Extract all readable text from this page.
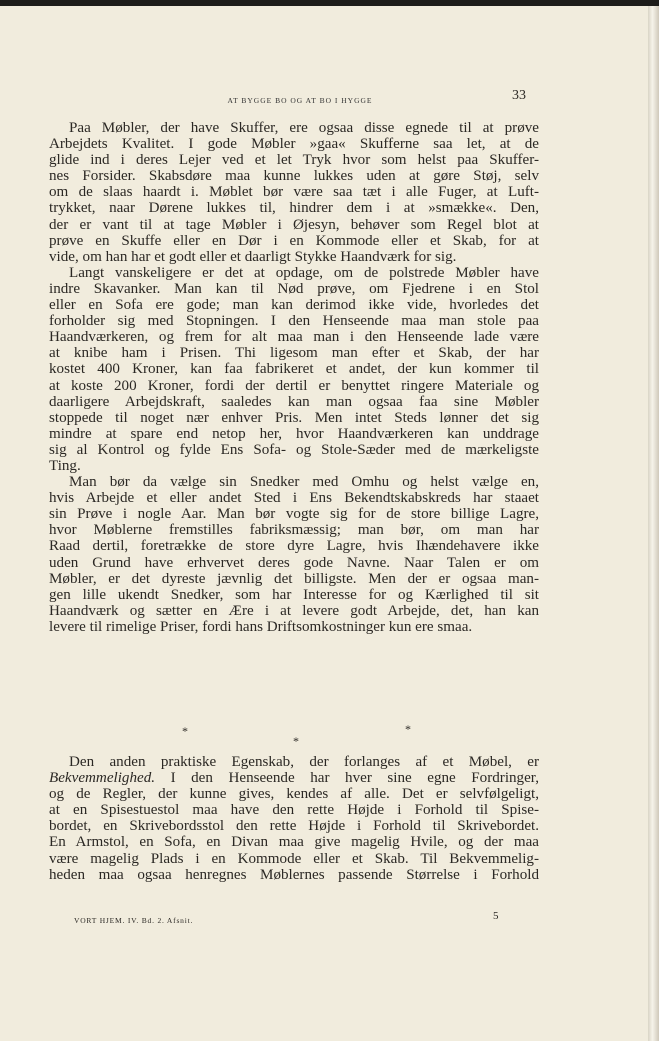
AT BYGGE BO OG AT BO I HYGGE	33
Paa Møbler, der have Skuffer, ere ogsaa disse egnede til at prøve
Arbejdets Kvalitet. I gode Møbler »gaa« Skufferne saa let, at de
glide ind i deres Lejer ved et let Tryk hvor som helst paa Skuffer-
nes Forsider. Skabsdøre maa kunne lukkes uden at gøre Støj, selv
om de slaas haardt i. Møblet bør være saa tæt i alle Fuger, at Luft-
trykket, naar Dørene lukkes til, hindrer dem i at »smække«. Den,
der er vant til at tage Møbler i Øjesyn, behøver som Regel blot at
prøve en Skuffe eller en Dør i en Kommode eller et Skab, for at
vide, om han har et godt eller et daarligt Stykke Haandværk for sig.
Langt vanskeligere er det at opdage, om de polstrede Møbler have
indre Skavanker. Man kan til Nød prøve, om Fjedrene i en Stol
eller en Sofa ere gode; man kan derimod ikke vide, hvorledes det
forholder sig med Stopningen. I den Henseende maa man stole paa
Haandværkeren, og frem for alt maa man i den Henseende lade være
at knibe ham i Prisen. Thi ligesom man efter et Skab, der har
kostet 400 Kroner, kan faa fabrikeret et andet, der kun kommer til
at koste 200 Kroner, fordi der dertil er benyttet ringere Materiale og
daarligere Arbejdskraft, saaledes kan man ogsaa faa sine Møbler
stoppede til noget nær enhver Pris. Men intet Steds lønner det sig
mindre at spare end netop her, hvor Haandværkeren kan unddrage
sig al Kontrol og fylde Ens Sofa- og Stole-Sæder med de mærkeligste
Ting.
Man bør da vælge sin Snedker med Omhu og helst vælge en,
hvis Arbejde et eller andet Sted i Ens Bekendtskabskreds har staaet
sin Prøve i nogle Aar. Man bør vogte sig for de store billige Lagre,
hvor Møblerne fremstilles fabriksmæssig; man bør, om man har
Raad dertil, foretrække de store dyre Lagre, hvis Ihændehavere ikke
uden Grund have erhvervet deres gode Navne. Naar Talen er om
Møbler, er det dyreste jævnlig det billigste. Men der er ogsaa man-
gen lille ukendt Snedker, som har Interesse for og Kærlighed til sit
Haandværk og sætter en Ære i at levere godt Arbejde, det, han kan
levere til rimelige Priser, fordi hans Driftsomkostninger kun ere smaa.
*
*
*
Den anden praktiske Egenskab, der forlanges af et Møbel, er
Bekvemmelighed. I den Henseende har hver sine egne Fordringer,
og de Regler, der kunne gives, kendes af alle. Det er selvfølgeligt,
at en Spisestuestol maa have den rette Højde i Forhold til Spise-
bordet, en Skrivebordsstol den rette Højde i Forhold til Skrivebordet.
En Armstol, en Sofa, en Divan maa give magelig Hvile, og der maa
være magelig Plads i en Kommode eller et Skab. Til Bekvemmelig-
heden maa ogsaa henregnes Møblernes passende Størrelse i Forhold
VORT HJEM. IV. Bd. 2. Afsnit.	5
